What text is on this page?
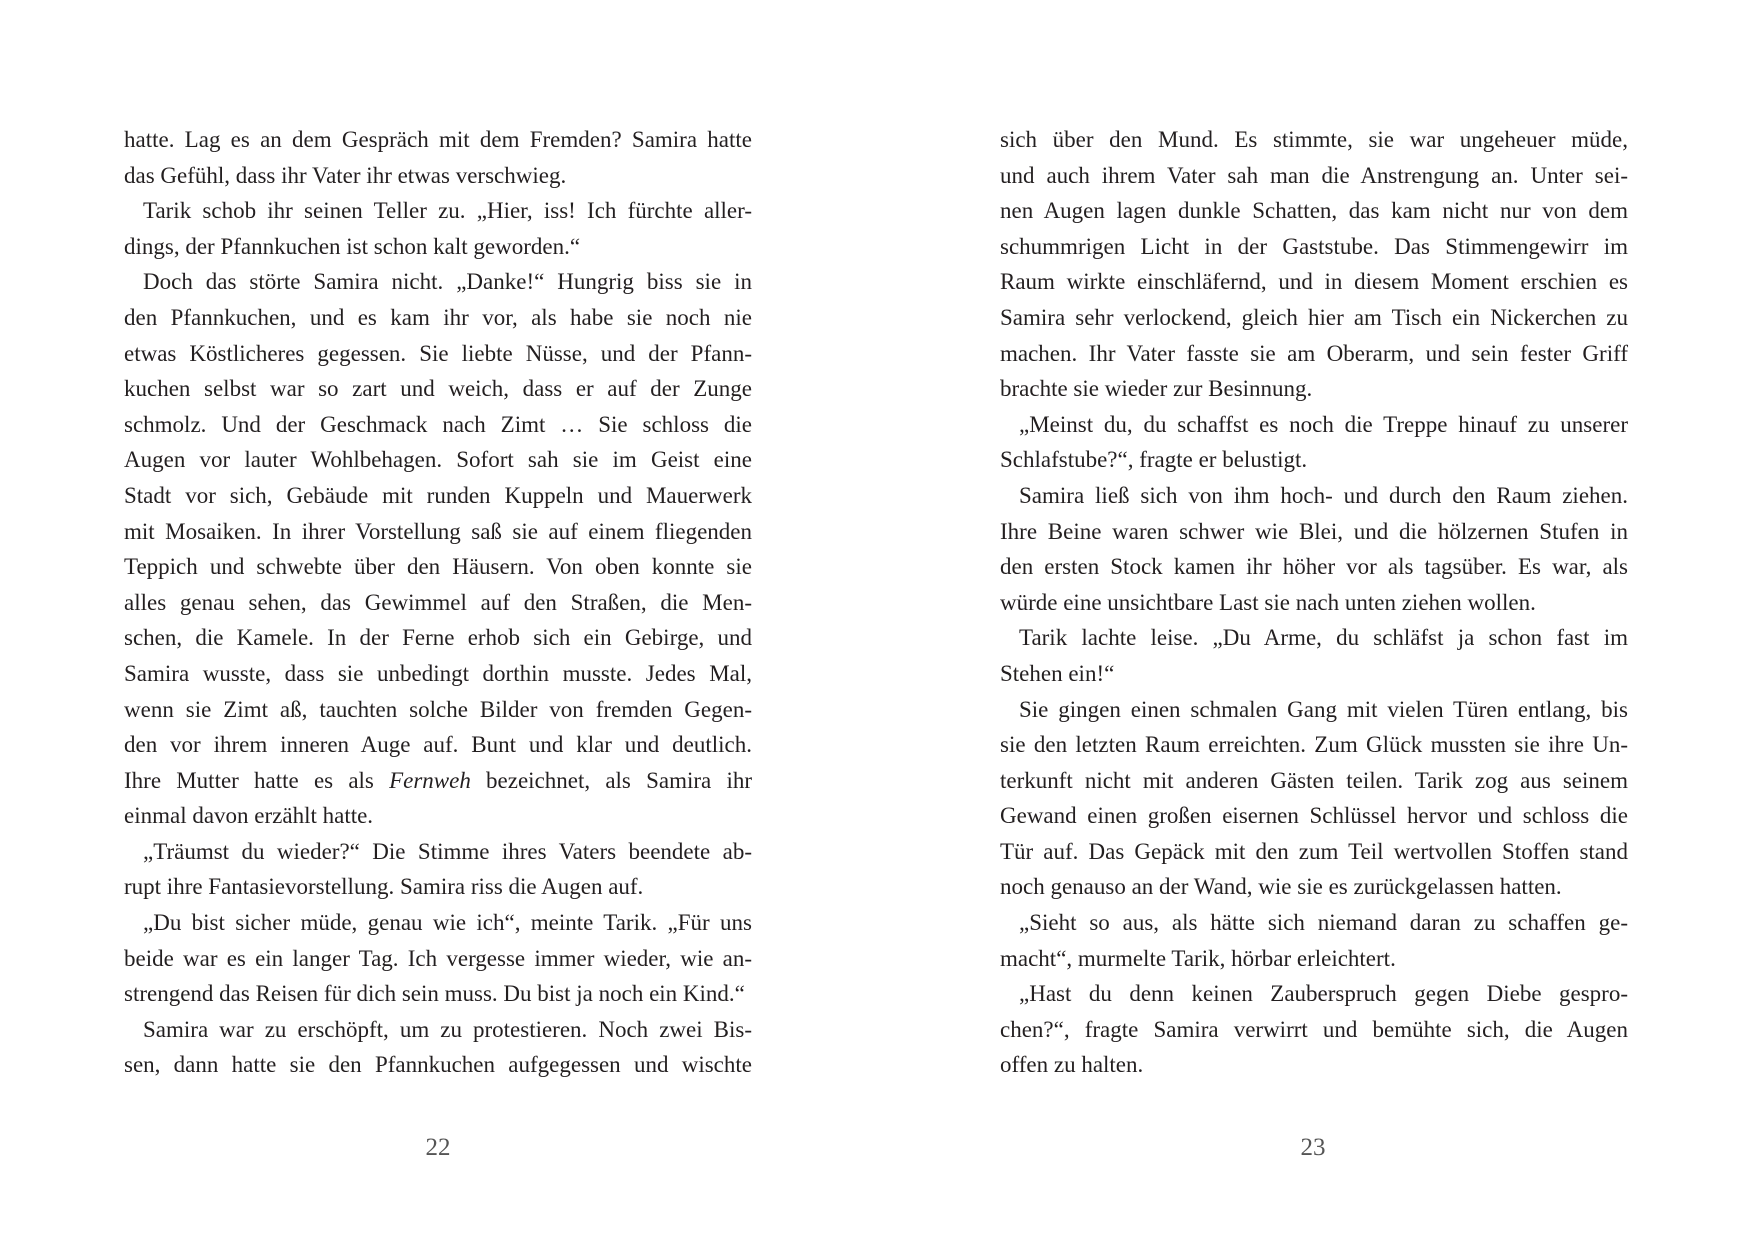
hatte. Lag es an dem Gespräch mit dem Fremden? Samira hatte
das Gefühl, dass ihr Vater ihr etwas verschwieg.
Tarik schob ihr seinen Teller zu. „Hier, iss! Ich fürchte aller-
dings, der Pfannkuchen ist schon kalt geworden.“
Doch das störte Samira nicht. „Danke!“ Hungrig biss sie in
den Pfannkuchen, und es kam ihr vor, als habe sie noch nie
etwas Köstlicheres gegessen. Sie liebte Nüsse, und der Pfann-
kuchen selbst war so zart und weich, dass er auf der Zunge
schmolz. Und der Geschmack nach Zimt … Sie schloss die
Augen vor lauter Wohlbehagen. Sofort sah sie im Geist eine
Stadt vor sich, Gebäude mit runden Kuppeln und Mauerwerk
mit Mosaiken. In ihrer Vorstellung saß sie auf einem fliegenden
Teppich und schwebte über den Häusern. Von oben konnte sie
alles genau sehen, das Gewimmel auf den Straßen, die Men-
schen, die Kamele. In der Ferne erhob sich ein Gebirge, und
Samira wusste, dass sie unbedingt dorthin musste. Jedes Mal,
wenn sie Zimt aß, tauchten solche Bilder von fremden Gegen-
den vor ihrem inneren Auge auf. Bunt und klar und deutlich.
Ihre Mutter hatte es als Fernweh bezeichnet, als Samira ihr
einmal davon erzählt hatte.
„Träumst du wieder?“ Die Stimme ihres Vaters beendete ab-
rupt ihre Fantasievorstellung. Samira riss die Augen auf.
„Du bist sicher müde, genau wie ich“, meinte Tarik. „Für uns
beide war es ein langer Tag. Ich vergesse immer wieder, wie an-
strengend das Reisen für dich sein muss. Du bist ja noch ein Kind.“
Samira war zu erschöpft, um zu protestieren. Noch zwei Bis-
sen, dann hatte sie den Pfannkuchen aufgegessen und wischte
22
sich über den Mund. Es stimmte, sie war ungeheuer müde,
und auch ihrem Vater sah man die Anstrengung an. Unter sei-
nen Augen lagen dunkle Schatten, das kam nicht nur von dem
schummrigen Licht in der Gaststube. Das Stimmengewirr im
Raum wirkte einschläfernd, und in diesem Moment erschien es
Samira sehr verlockend, gleich hier am Tisch ein Nickerchen zu
machen. Ihr Vater fasste sie am Oberarm, und sein fester Griff
brachte sie wieder zur Besinnung.
„Meinst du, du schaffst es noch die Treppe hinauf zu unserer
Schlafstube?“, fragte er belustigt.
Samira ließ sich von ihm hoch- und durch den Raum ziehen.
Ihre Beine waren schwer wie Blei, und die hölzernen Stufen in
den ersten Stock kamen ihr höher vor als tagsüber. Es war, als
würde eine unsichtbare Last sie nach unten ziehen wollen.
Tarik lachte leise. „Du Arme, du schläfst ja schon fast im
Stehen ein!“
Sie gingen einen schmalen Gang mit vielen Türen entlang, bis
sie den letzten Raum erreichten. Zum Glück mussten sie ihre Un-
terkunft nicht mit anderen Gästen teilen. Tarik zog aus seinem
Gewand einen großen eisernen Schlüssel hervor und schloss die
Tür auf. Das Gepäck mit den zum Teil wertvollen Stoffen stand
noch genauso an der Wand, wie sie es zurückgelassen hatten.
„Sieht so aus, als hätte sich niemand daran zu schaffen ge-
macht“, murmelte Tarik, hörbar erleichtert.
„Hast du denn keinen Zauberspruch gegen Diebe gespro-
chen?“, fragte Samira verwirrt und bemühte sich, die Augen
offen zu halten.
23
